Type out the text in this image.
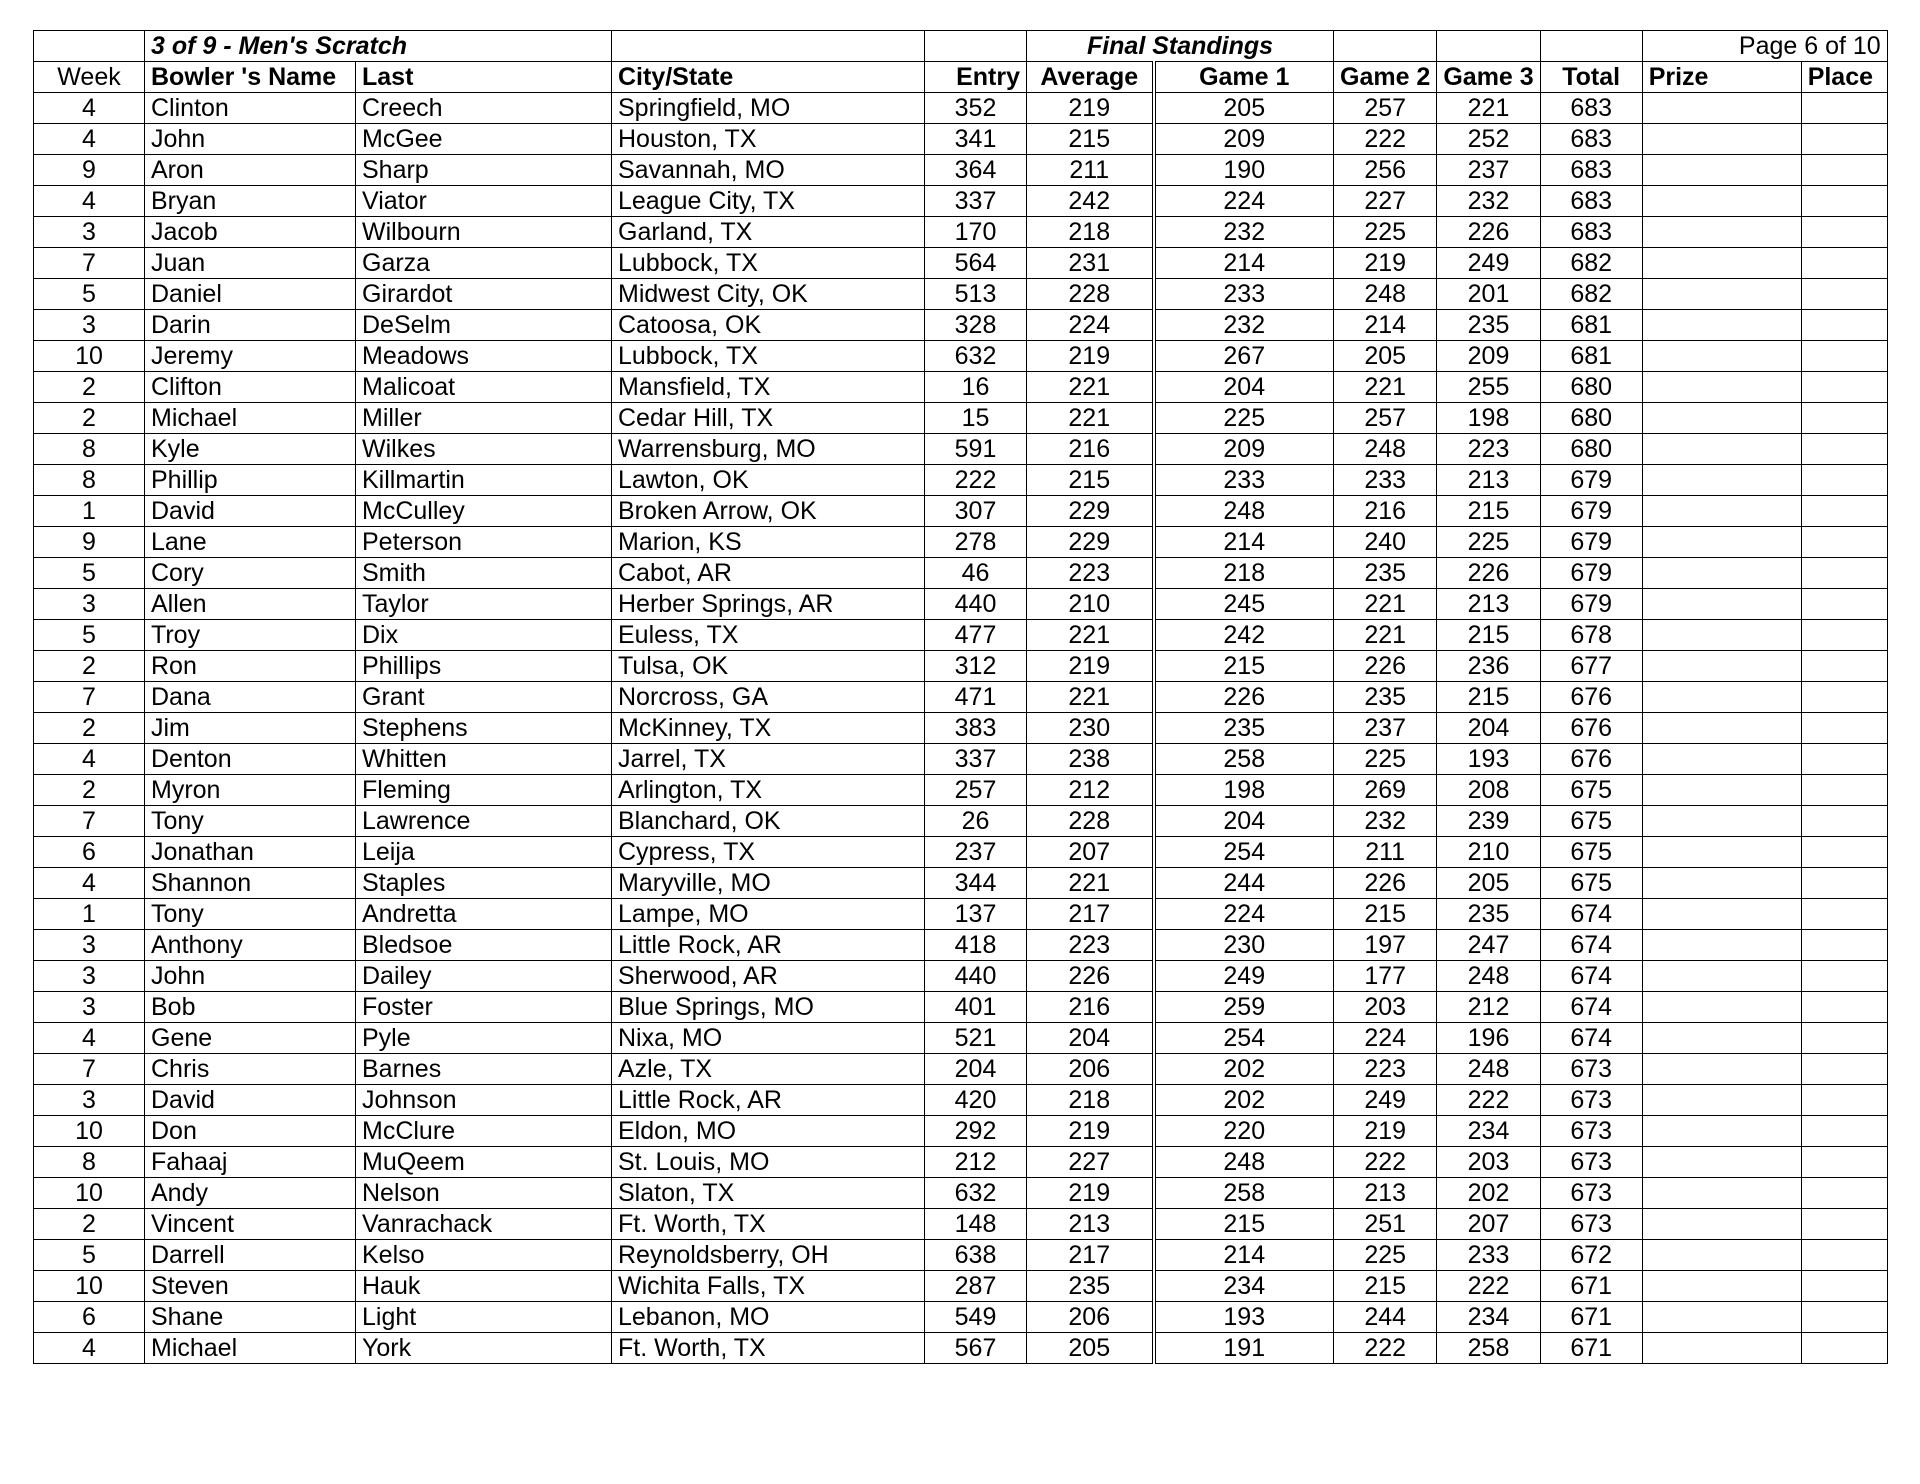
	3 of 9 - Men's Scratch				Final Standings					Page 6 of 10	
Week	Bowler 's Name	Last	City/State	Entry	Average	Game 1	Game 2	Game 3	Total	Prize	Place
4	Clinton	Creech	Springfield, MO	352	219	205	257	221	683		
4	John	McGee	Houston, TX	341	215	209	222	252	683		
9	Aron	Sharp	Savannah, MO	364	211	190	256	237	683		
4	Bryan	Viator	League City, TX	337	242	224	227	232	683		
3	Jacob	Wilbourn	Garland, TX	170	218	232	225	226	683		
7	Juan	Garza	Lubbock, TX	564	231	214	219	249	682		
5	Daniel	Girardot	Midwest City, OK	513	228	233	248	201	682		
3	Darin	DeSelm	Catoosa, OK	328	224	232	214	235	681		
10	Jeremy	Meadows	Lubbock, TX	632	219	267	205	209	681		
2	Clifton	Malicoat	Mansfield, TX	16	221	204	221	255	680		
2	Michael	Miller	Cedar Hill, TX	15	221	225	257	198	680		
8	Kyle	Wilkes	Warrensburg, MO	591	216	209	248	223	680		
8	Phillip	Killmartin	Lawton, OK	222	215	233	233	213	679		
1	David	McCulley	Broken Arrow, OK	307	229	248	216	215	679		
9	Lane	Peterson	Marion, KS	278	229	214	240	225	679		
5	Cory	Smith	Cabot, AR	46	223	218	235	226	679		
3	Allen	Taylor	Herber Springs, AR	440	210	245	221	213	679		
5	Troy	Dix	Euless, TX	477	221	242	221	215	678		
2	Ron	Phillips	Tulsa, OK	312	219	215	226	236	677		
7	Dana	Grant	Norcross, GA	471	221	226	235	215	676		
2	Jim	Stephens	McKinney, TX	383	230	235	237	204	676		
4	Denton	Whitten	Jarrel, TX	337	238	258	225	193	676		
2	Myron	Fleming	Arlington, TX	257	212	198	269	208	675		
7	Tony	Lawrence	Blanchard, OK	26	228	204	232	239	675		
6	Jonathan	Leija	Cypress, TX	237	207	254	211	210	675		
4	Shannon	Staples	Maryville, MO	344	221	244	226	205	675		
1	Tony	Andretta	Lampe, MO	137	217	224	215	235	674		
3	Anthony	Bledsoe	Little Rock, AR	418	223	230	197	247	674		
3	John	Dailey	Sherwood, AR	440	226	249	177	248	674		
3	Bob	Foster	Blue Springs, MO	401	216	259	203	212	674		
4	Gene	Pyle	Nixa, MO	521	204	254	224	196	674		
7	Chris	Barnes	Azle, TX	204	206	202	223	248	673		
3	David	Johnson	Little Rock, AR	420	218	202	249	222	673		
10	Don	McClure	Eldon, MO	292	219	220	219	234	673		
8	Fahaaj	MuQeem	St. Louis, MO	212	227	248	222	203	673		
10	Andy	Nelson	Slaton, TX	632	219	258	213	202	673		
2	Vincent	Vanrachack	Ft. Worth, TX	148	213	215	251	207	673		
5	Darrell	Kelso	Reynoldsberry, OH	638	217	214	225	233	672		
10	Steven	Hauk	Wichita Falls, TX	287	235	234	215	222	671		
6	Shane	Light	Lebanon, MO	549	206	193	244	234	671		
4	Michael	York	Ft. Worth, TX	567	205	191	222	258	671		
